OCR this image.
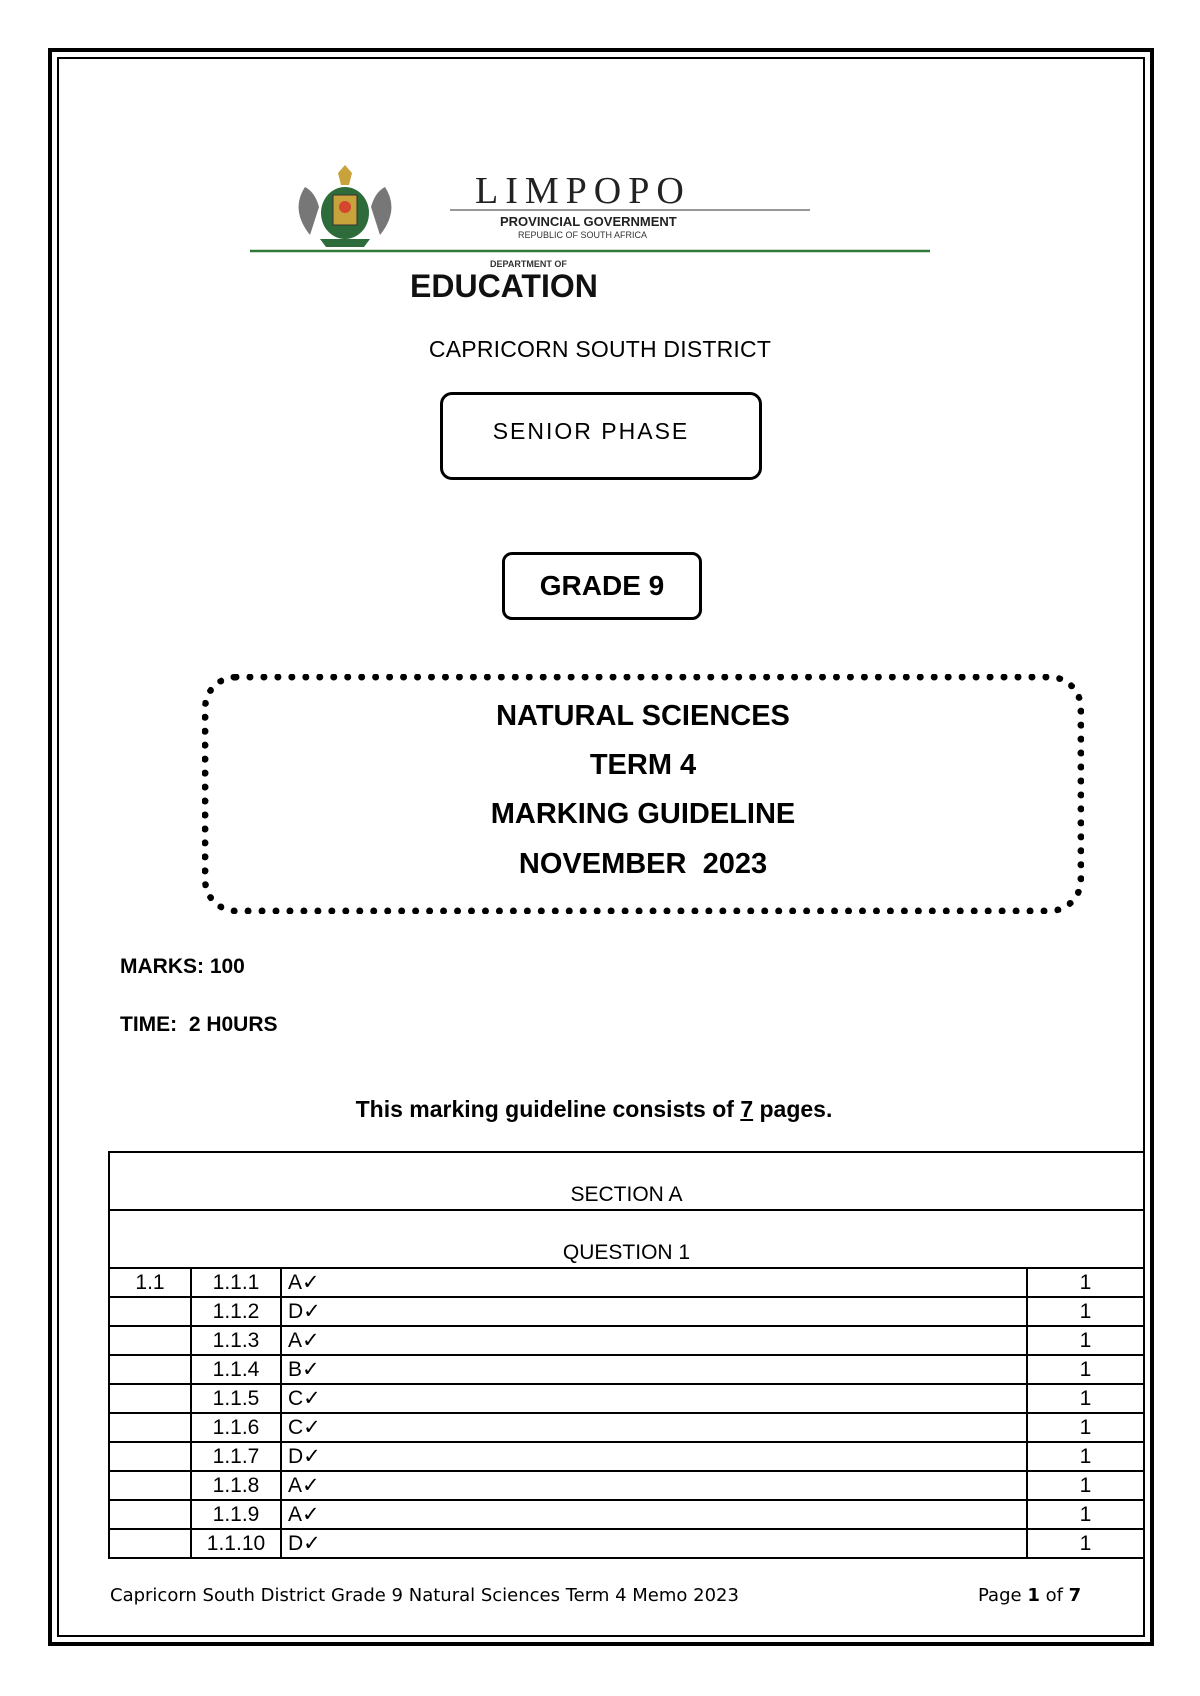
LIMPOPO
PROVINCIAL GOVERNMENT
REPUBLIC OF SOUTH AFRICA
DEPARTMENT OF
EDUCATION
CAPRICORN SOUTH DISTRICT
SENIOR PHASE
GRADE 9
NATURAL SCIENCES
TERM 4
MARKING GUIDELINE
NOVEMBER  2023
MARKS: 100
TIME:  2 H0URS
This marking guideline consists of 7 pages.
SECTION A			
QUESTION 1			
1.1	1.1.1	A✓	1
	1.1.2	D✓	1
	1.1.3	A✓	1
	1.1.4	B✓	1
	1.1.5	C✓	1
	1.1.6	C✓	1
	1.1.7	D✓	1
	1.1.8	A✓	1
	1.1.9	A✓	1
	1.1.10	D✓	1
Capricorn South District Grade 9 Natural Sciences Term 4 Memo 2023	Page 1 of 7
